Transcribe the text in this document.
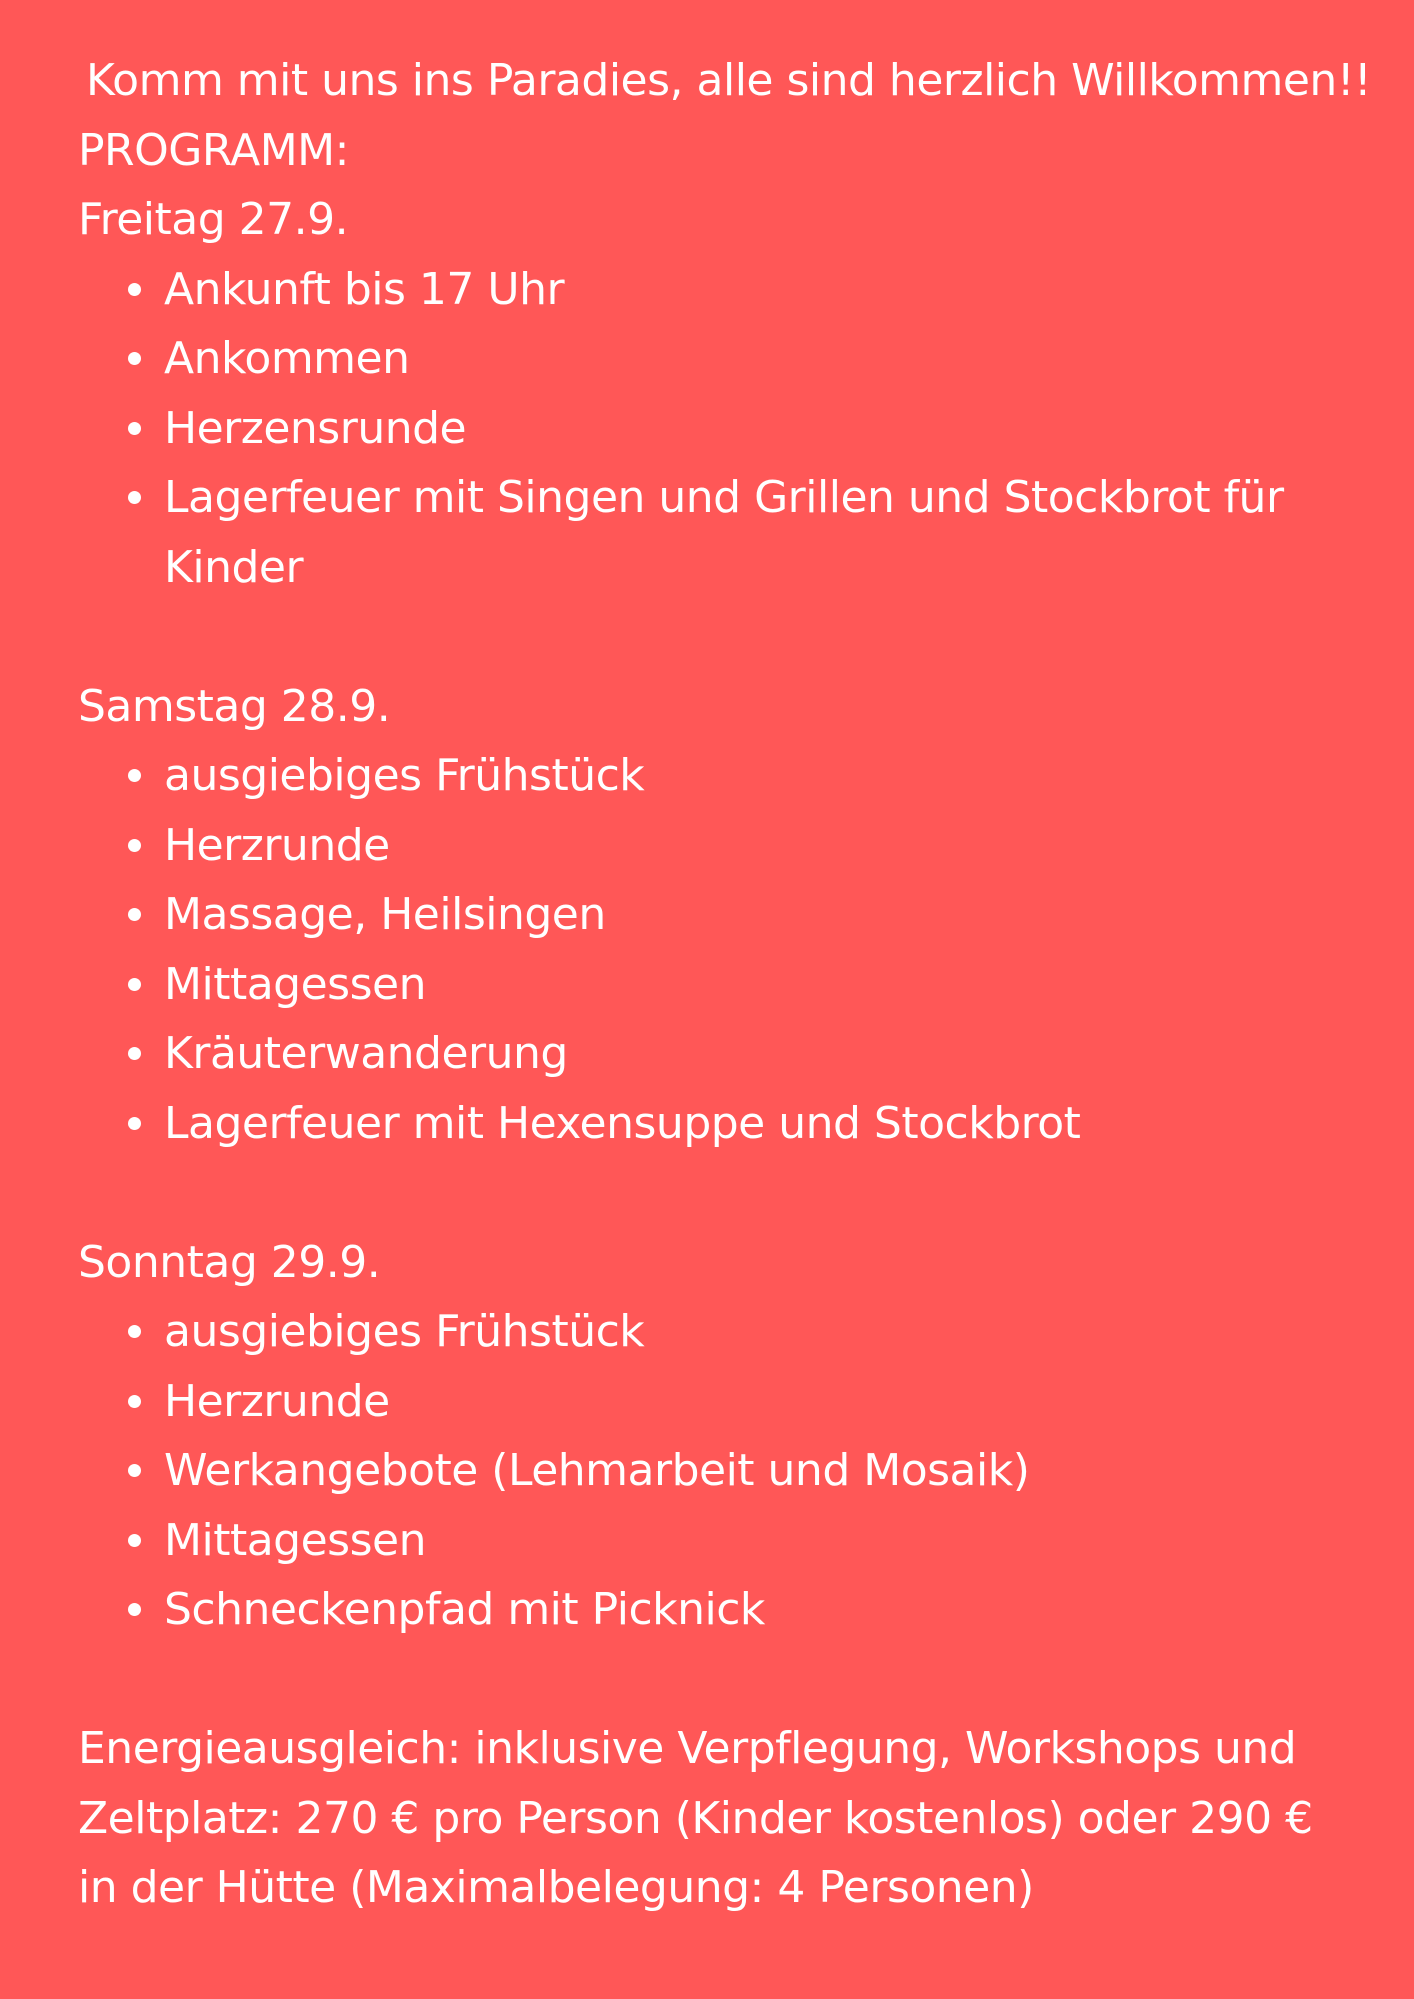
Komm mit uns ins Paradies, alle sind herzlich Willkommen!!

PROGRAMM:

Freitag 27.9.

Ankunft bis 17 Uhr
Ankommen
Herzensrunde
Lagerfeuer mit Singen und Grillen und Stockbrot für Kinder

Samstag 28.9.

ausgiebiges Frühstück
Herzrunde
Massage, Heilsingen
Mittagessen
Kräuterwanderung
Lagerfeuer mit Hexensuppe und Stockbrot

Sonntag 29.9.

ausgiebiges Frühstück
Herzrunde
Werkangebote (Lehmarbeit und Mosaik)
Mittagessen
Schneckenpfad mit Picknick

Energieausgleich: inklusive Verpflegung, Workshops und Zeltplatz: 270 € pro Person (Kinder kostenlos) oder 290 € in der Hütte (Maximalbelegung: 4 Personen)
